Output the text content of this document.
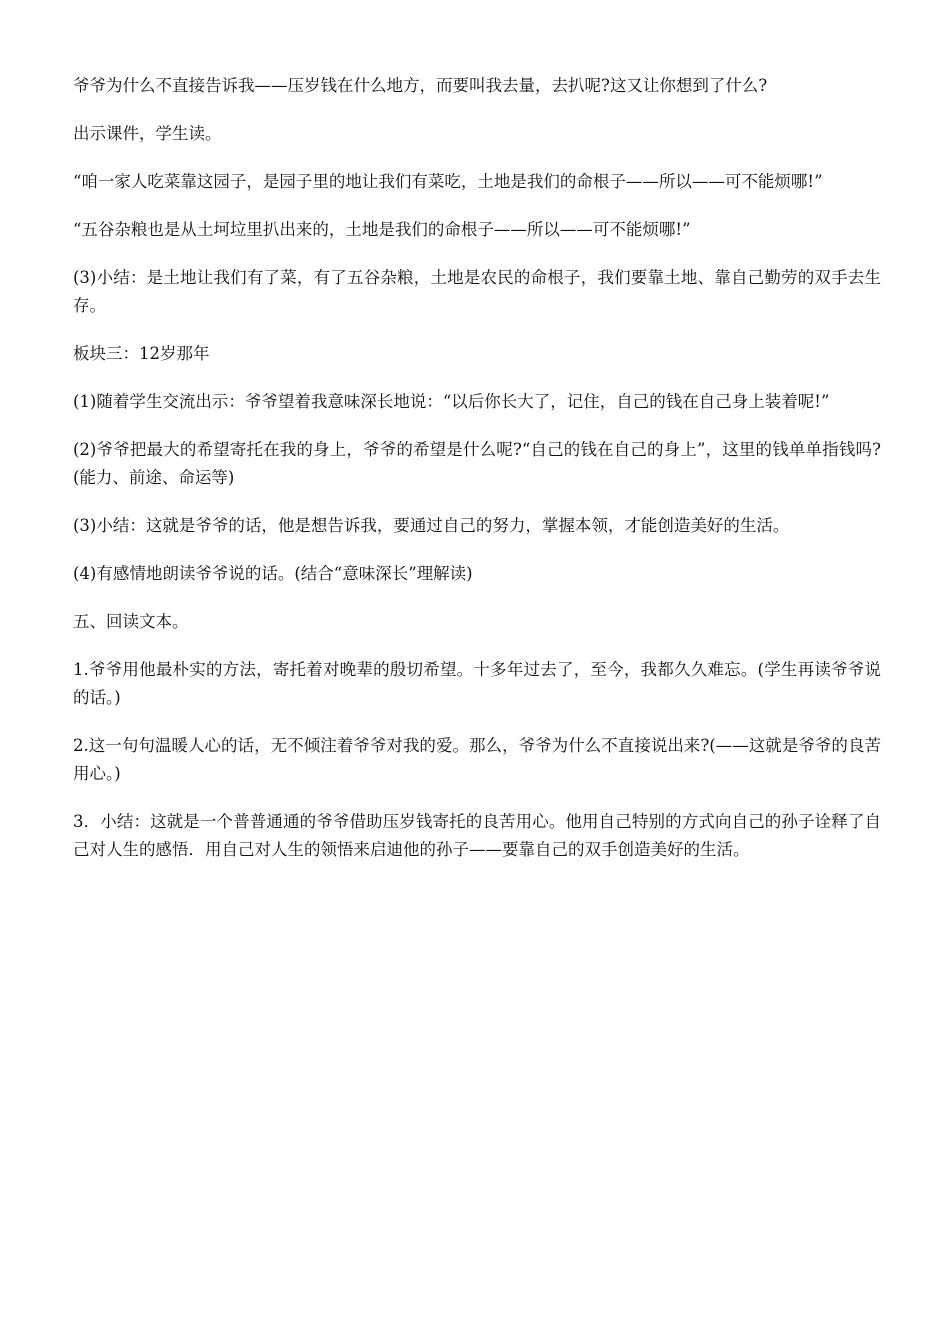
爷爷为什么不直接告诉我——压岁钱在什么地方，而要叫我去量，去扒呢?这又让你想到了什么?

出示课件，学生读。

“咱一家人吃菜靠这园子，是园子里的地让我们有菜吃，土地是我们的命根子——所以——可不能烦哪!”

“五谷杂粮也是从土坷垃里扒出来的，土地是我们的命根子——所以——可不能烦哪!”

(3)小结：是土地让我们有了菜，有了五谷杂粮，土地是农民的命根子，我们要靠土地、靠自己勤劳的双手去生存。

板块三：12岁那年

(1)随着学生交流出示：爷爷望着我意味深长地说：“以后你长大了，记住，自己的钱在自己身上装着呢!”

(2)爷爷把最大的希望寄托在我的身上，爷爷的希望是什么呢?“自己的钱在自己的身上”，这里的钱单单指钱吗?(能力、前途、命运等)

(3)小结：这就是爷爷的话，他是想告诉我，要通过自己的努力，掌握本领，才能创造美好的生活。

(4)有感情地朗读爷爷说的话。(结合“意味深长”理解读)

五、回读文本。

1.爷爷用他最朴实的方法，寄托着对晚辈的殷切希望。十多年过去了，至今，我都久久难忘。(学生再读爷爷说的话。)

2.这一句句温暖人心的话，无不倾注着爷爷对我的爱。那么，爷爷为什么不直接说出来?(——这就是爷爷的良苦用心。)

3．小结：这就是一个普普通通的爷爷借助压岁钱寄托的良苦用心。他用自己特别的方式向自己的孙子诠释了自己对人生的感悟．用自己对人生的领悟来启迪他的孙子——要靠自己的双手创造美好的生活。
